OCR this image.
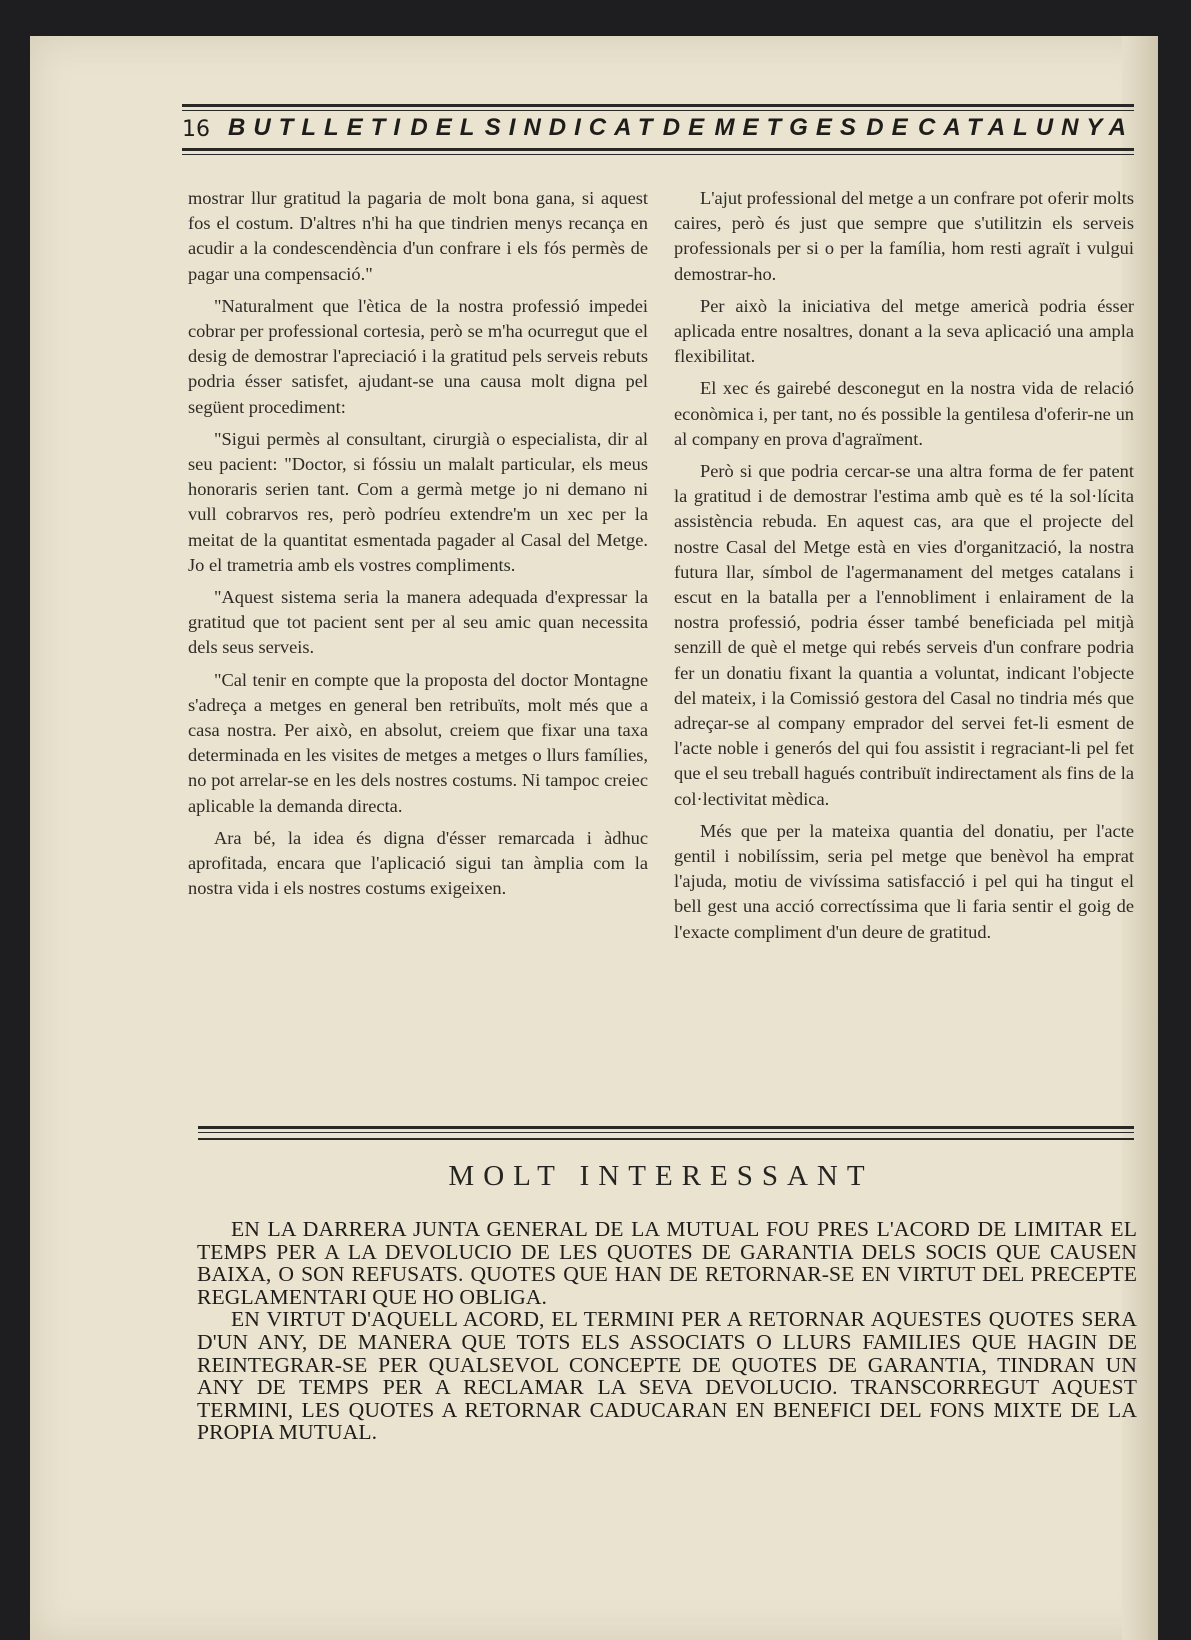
16 BUTLLETI DEL SINDICAT DE METGES DE CATALUNYA

mostrar llur gratitud la pagaria de molt bona gana, si aquest fos el costum. D'altres n'hi ha que tindrien menys recança en acudir a la condescendència d'un confrare i els fós permès de pagar una compensació."

"Naturalment que l'ètica de la nostra professió impedei cobrar per professional cortesia, però se m'ha ocurregut que el desig de demostrar l'apreciació i la gratitud pels serveis rebuts podria ésser satisfet, ajudant-se una causa molt digna pel següent procediment:

"Sigui permès al consultant, cirurgià o especialista, dir al seu pacient: "Doctor, si fóssiu un malalt particular, els meus honoraris serien tant. Com a germà metge jo ni demano ni vull cobrarvos res, però podríeu extendre'm un xec per la meitat de la quantitat esmentada pagader al Casal del Metge. Jo el trametria amb els vostres compliments.

"Aquest sistema seria la manera adequada d'expressar la gratitud que tot pacient sent per al seu amic quan necessita dels seus serveis.

"Cal tenir en compte que la proposta del doctor Montagne s'adreça a metges en general ben retribuïts, molt més que a casa nostra. Per això, en absolut, creiem que fixar una taxa determinada en les visites de metges a metges o llurs famílies, no pot arrelar-se en les dels nostres costums. Ni tampoc creiec aplicable la demanda directa.

Ara bé, la idea és digna d'ésser remarcada i àdhuc aprofitada, encara que l'aplicació sigui tan àmplia com la nostra vida i els nostres costums exigeixen.

L'ajut professional del metge a un confrare pot oferir molts caires, però és just que sempre que s'utilitzin els serveis professionals per si o per la família, hom resti agraït i vulgui demostrar-ho.

Per això la iniciativa del metge americà podria ésser aplicada entre nosaltres, donant a la seva aplicació una ampla flexibilitat.

El xec és gairebé desconegut en la nostra vida de relació econòmica i, per tant, no és possible la gentilesa d'oferir-ne un al company en prova d'agraïment.

Però si que podria cercar-se una altra forma de fer patent la gratitud i de demostrar l'estima amb què es té la sol·lícita assistència rebuda. En aquest cas, ara que el projecte del nostre Casal del Metge està en vies d'organització, la nostra futura llar, símbol de l'agermanament del metges catalans i escut en la batalla per a l'ennobliment i enlairament de la nostra professió, podria ésser també beneficiada pel mitjà senzill de què el metge qui rebés serveis d'un confrare podria fer un donatiu fixant la quantia a voluntat, indicant l'objecte del mateix, i la Comissió gestora del Casal no tindria més que adreçar-se al company emprador del servei fet-li esment de l'acte noble i generós del qui fou assistit i regraciant-li pel fet que el seu treball hagués contribuït indirectament als fins de la col·lectivitat mèdica.

Més que per la mateixa quantia del donatiu, per l'acte gentil i nobilíssim, seria pel metge que benèvol ha emprat l'ajuda, motiu de vivíssima satisfacció i pel qui ha tingut el bell gest una acció correctíssima que li faria sentir el goig de l'exacte compliment d'un deure de gratitud.

MOLT INTERESSANT

EN LA DARRERA JUNTA GENERAL DE LA MUTUAL FOU PRES L'ACORD DE LIMITAR EL TEMPS PER A LA DEVOLUCIO DE LES QUOTES DE GARANTIA DELS SOCIS QUE CAUSEN BAIXA, O SON REFUSATS. QUOTES QUE HAN DE RETORNAR-SE EN VIRTUT DEL PRECEPTE REGLAMENTARI QUE HO OBLIGA.

EN VIRTUT D'AQUELL ACORD, EL TERMINI PER A RETORNAR AQUESTES QUOTES SERA D'UN ANY, DE MANERA QUE TOTS ELS ASSOCIATS O LLURS FAMILIES QUE HAGIN DE REINTEGRAR-SE PER QUALSEVOL CONCEPTE DE QUOTES DE GARANTIA, TINDRAN UN ANY DE TEMPS PER A RECLAMAR LA SEVA DEVOLUCIO. TRANSCORREGUT AQUEST TERMINI, LES QUOTES A RETORNAR CADUCARAN EN BENEFICI DEL FONS MIXTE DE LA PROPIA MUTUAL.
